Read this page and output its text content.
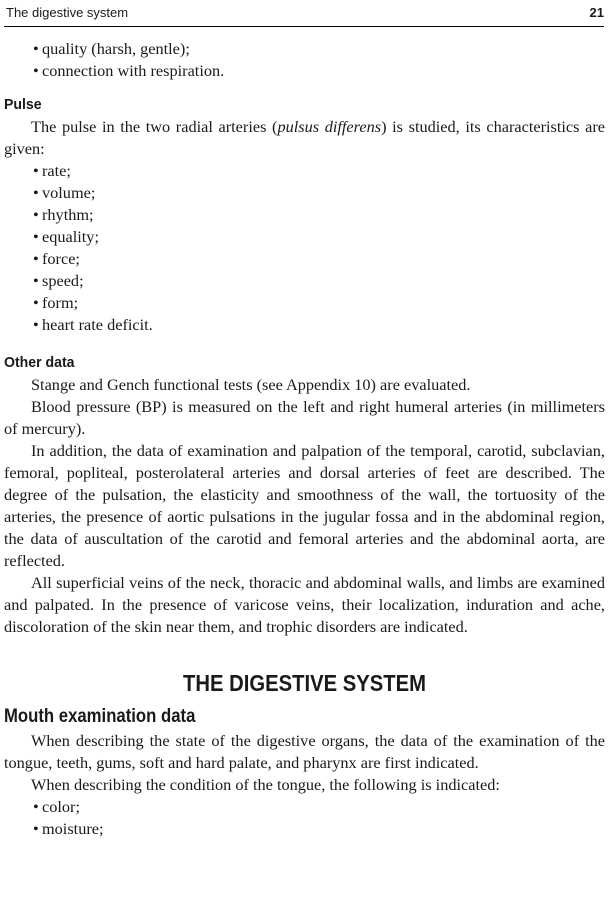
The digestive system	21
• quality (harsh, gentle);
• connection with respiration.
Pulse

The pulse in the two radial arteries (pulsus differens) is studied, its characteristics are given:

• rate;
• volume;
• rhythm;
• equality;
• force;
• speed;
• form;
• heart rate deficit.
Other data

Stange and Gench functional tests (see Appendix 10) are evaluated.

Blood pressure (BP) is measured on the left and right humeral arteries (in millimeters of mercury).

In addition, the data of examination and palpation of the temporal, carotid, subclavian, femoral, popliteal, posterolateral arteries and dorsal arteries of feet are described. The degree of the pulsation, the elasticity and smoothness of the wall, the tortuosity of the arteries, the presence of aortic pulsations in the jugular fossa and in the abdominal region, the data of auscultation of the carotid and femoral arteries and the abdominal aorta, are reflected.

All superficial veins of the neck, thoracic and abdominal walls, and limbs are examined and palpated. In the presence of varicose veins, their localization, induration and ache, discoloration of the skin near them, and trophic disorders are indicated.

THE DIGESTIVE SYSTEM
Mouth examination data

When describing the state of the digestive organs, the data of the examination of the tongue, teeth, gums, soft and hard palate, and pharynx are first indicated.

When describing the condition of the tongue, the following is indicated:

• color;
• moisture;
